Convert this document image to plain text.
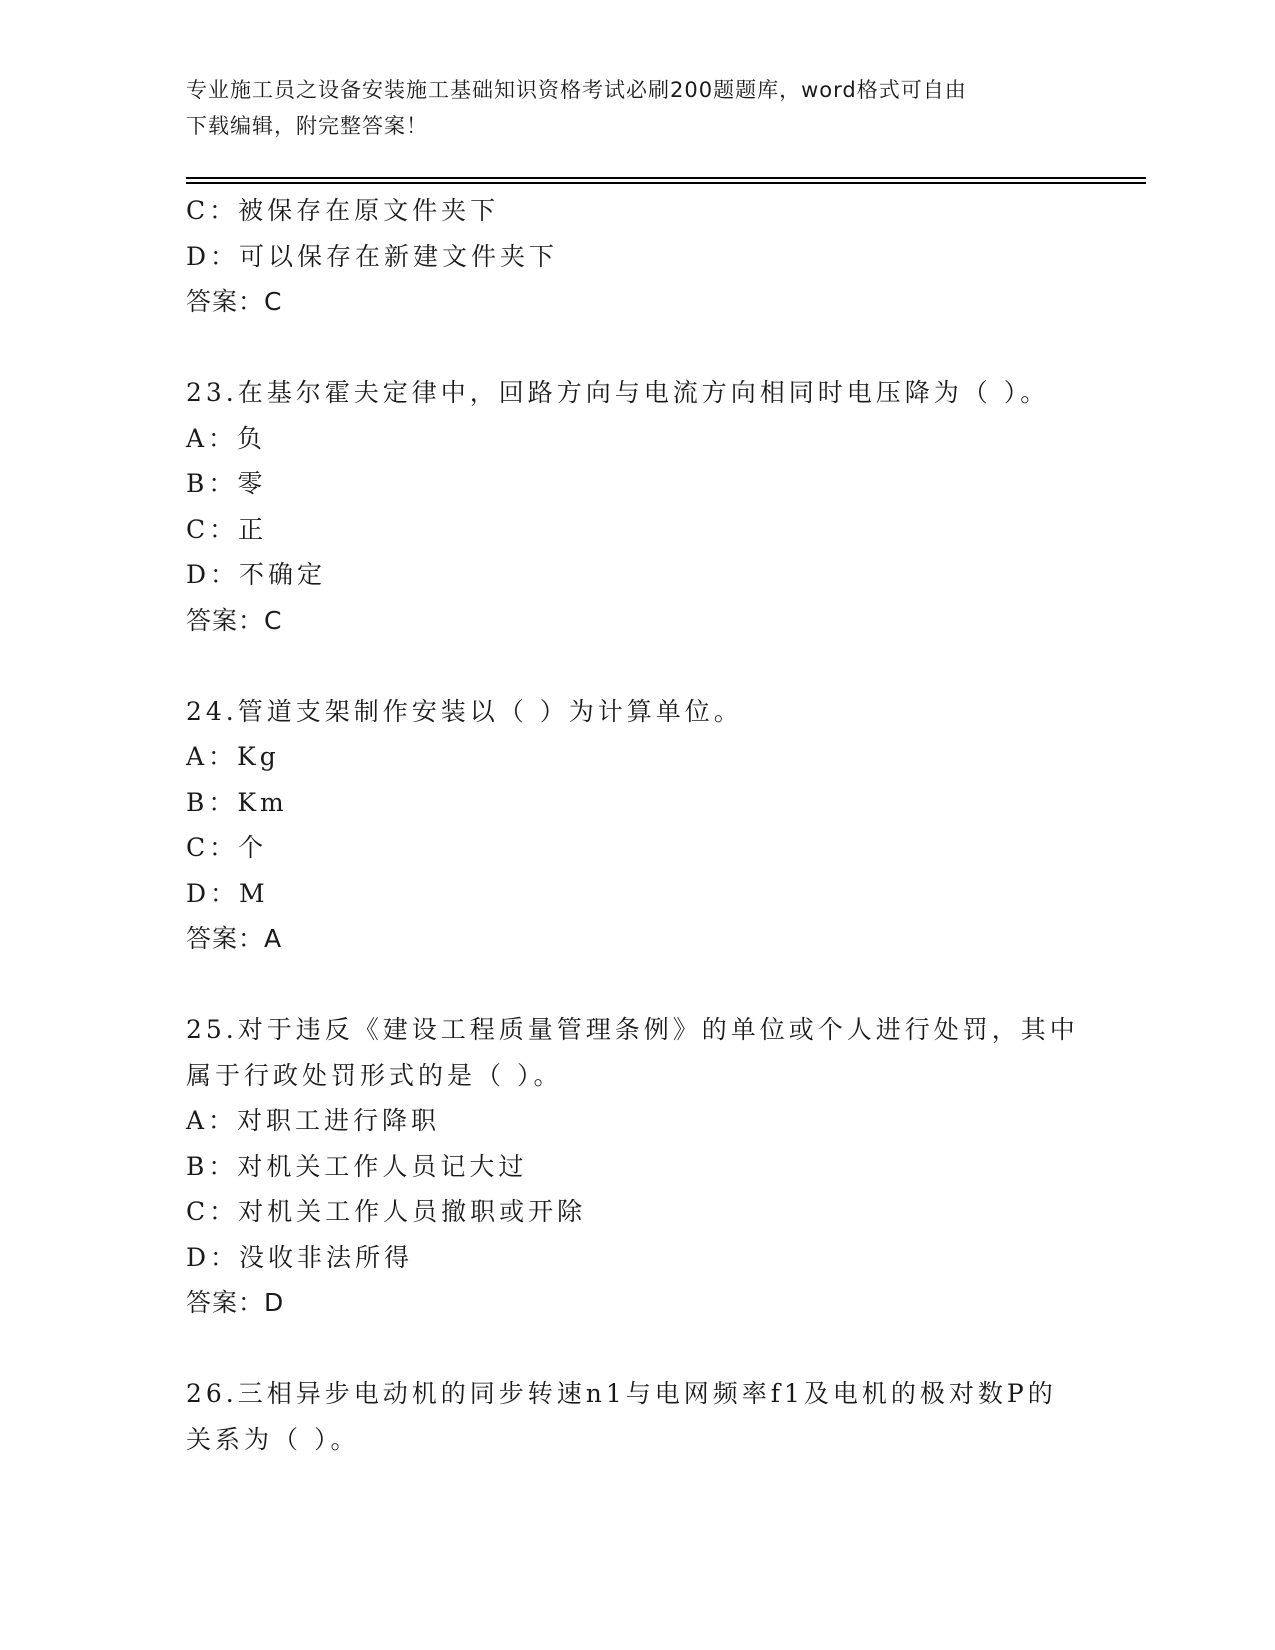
专业施工员之设备安装施工基础知识资格考试必刷200题题库，word格式可自由
下载编辑，附完整答案！
C：被保存在原文件夹下
D：可以保存在新建文件夹下
答案：C
23.在基尔霍夫定律中，回路方向与电流方向相同时电压降为（ ）。
A：负
B：零
C：正
D：不确定
答案：C
24.管道支架制作安装以（ ）为计算单位。
A：Kg
B：Km
C：个
D：M
答案：A
25.对于违反《建设工程质量管理条例》的单位或个人进行处罚，其中
属于行政处罚形式的是（ ）。
A：对职工进行降职
B：对机关工作人员记大过
C：对机关工作人员撤职或开除
D：没收非法所得
答案：D
26.三相异步电动机的同步转速n1与电网频率f1及电机的极对数P的
关系为（ ）。
